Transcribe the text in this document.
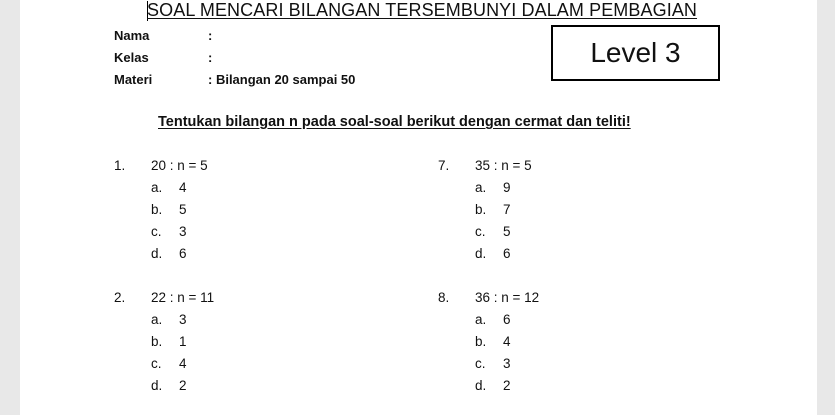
SOAL MENCARI BILANGAN TERSEMBUNYI DALAM PEMBAGIAN
Nama	:
Kelas	:
Materi	: Bilangan 20 sampai 50
Level 3
Tentukan bilangan n pada soal-soal berikut dengan cermat dan teliti!
1. 20 : n = 5
a. 4
b. 5
c. 3
d. 6
7. 35 : n = 5
a. 9
b. 7
c. 5
d. 6
2. 22 : n = 11
a. 3
b. 1
c. 4
d. 2
8. 36 : n = 12
a. 6
b. 4
c. 3
d. 2
